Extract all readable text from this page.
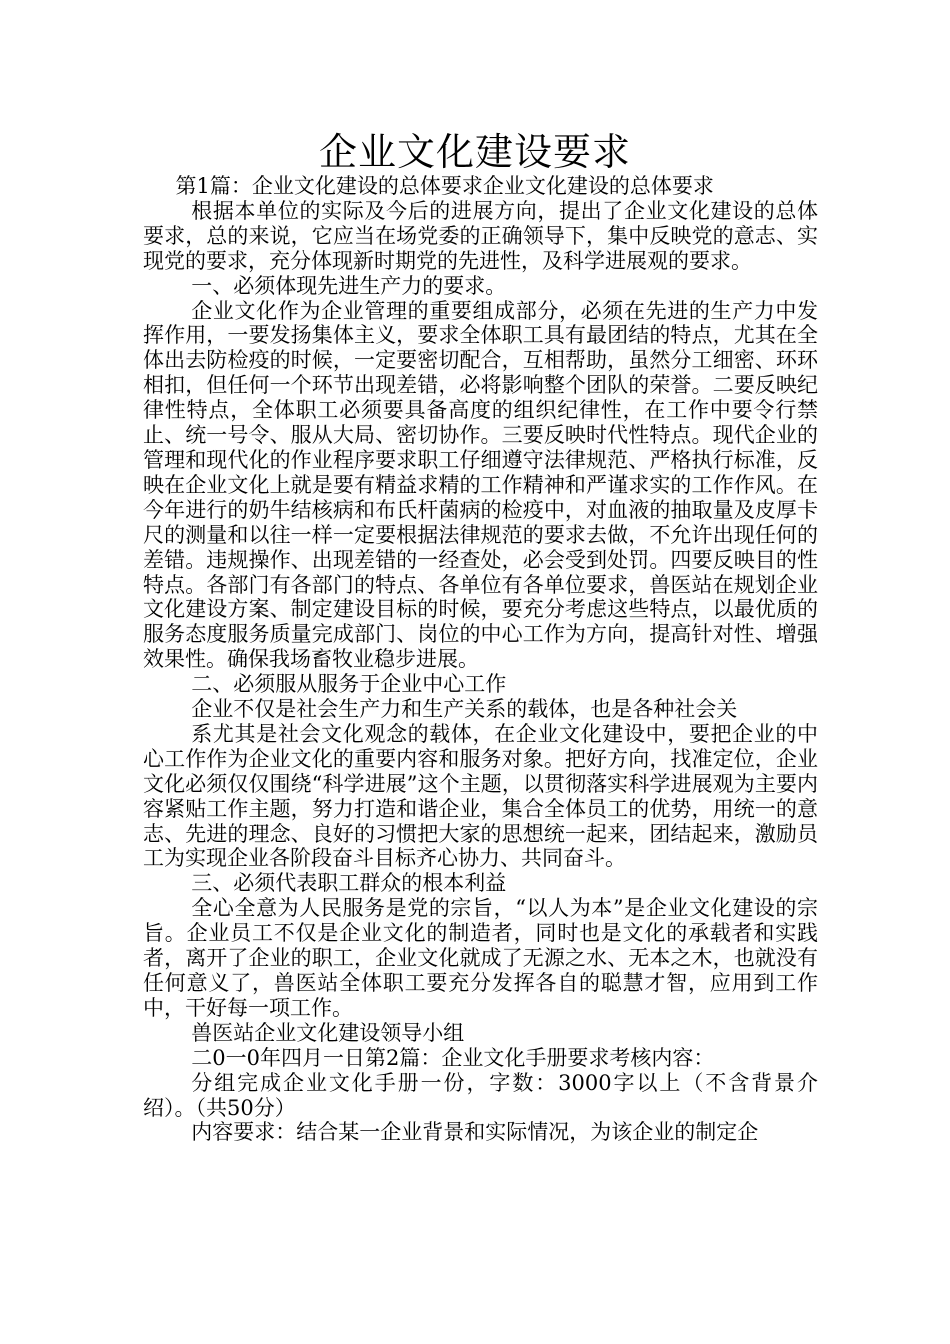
企业文化建设要求

第1篇：企业文化建设的总体要求企业文化建设的总体要求

根据本单位的实际及今后的进展方向，提出了企业文化建设的总体要求，总的来说，它应当在场党委的正确领导下，集中反映党的意志、实现党的要求，充分体现新时期党的先进性，及科学进展观的要求。

一、必须体现先进生产力的要求。

企业文化作为企业管理的重要组成部分，必须在先进的生产力中发挥作用，一要发扬集体主义，要求全体职工具有最团结的特点，尤其在全体出去防检疫的时候，一定要密切配合，互相帮助，虽然分工细密、环环相扣，但任何一个环节出现差错，必将影响整个团队的荣誉。二要反映纪律性特点，全体职工必须要具备高度的组织纪律性，在工作中要令行禁止、统一号令、服从大局、密切协作。三要反映时代性特点。现代企业的管理和现代化的作业程序要求职工仔细遵守法律规范、严格执行标准，反映在企业文化上就是要有精益求精的工作精神和严谨求实的工作作风。在今年进行的奶牛结核病和布氏杆菌病的检疫中，对血液的抽取量及皮厚卡尺的测量和以往一样一定要根据法律规范的要求去做，不允许出现任何的差错。违规操作、出现差错的一经查处，必会受到处罚。四要反映目的性特点。各部门有各部门的特点、各单位有各单位要求，兽医站在规划企业文化建设方案、制定建设目标的时候，要充分考虑这些特点，以最优质的服务态度服务质量完成部门、岗位的中心工作为方向，提高针对性、增强效果性。确保我场畜牧业稳步进展。

二、必须服从服务于企业中心工作

企业不仅是社会生产力和生产关系的载体，也是各种社会关

系尤其是社会文化观念的载体，在企业文化建设中，要把企业的中心工作作为企业文化的重要内容和服务对象。把好方向，找准定位，企业文化必须仅仅围绕“科学进展”这个主题，以贯彻落实科学进展观为主要内容紧贴工作主题，努力打造和谐企业，集合全体员工的优势，用统一的意志、先进的理念、良好的习惯把大家的思想统一起来，团结起来，激励员工为实现企业各阶段奋斗目标齐心协力、共同奋斗。

三、必须代表职工群众的根本利益

全心全意为人民服务是党的宗旨，“以人为本”是企业文化建设的宗旨。企业员工不仅是企业文化的制造者，同时也是文化的承载者和实践者，离开了企业的职工，企业文化就成了无源之水、无本之木，也就没有任何意义了，兽医站全体职工要充分发挥各自的聪慧才智，应用到工作中，干好每一项工作。

兽医站企业文化建设领导小组

二0一0年四月一日第2篇：企业文化手册要求考核内容：

分组完成企业文化手册一份，字数：3000字以上（不含背景介绍）。（共50分）

内容要求：结合某一企业背景和实际情况，为该企业的制定企
